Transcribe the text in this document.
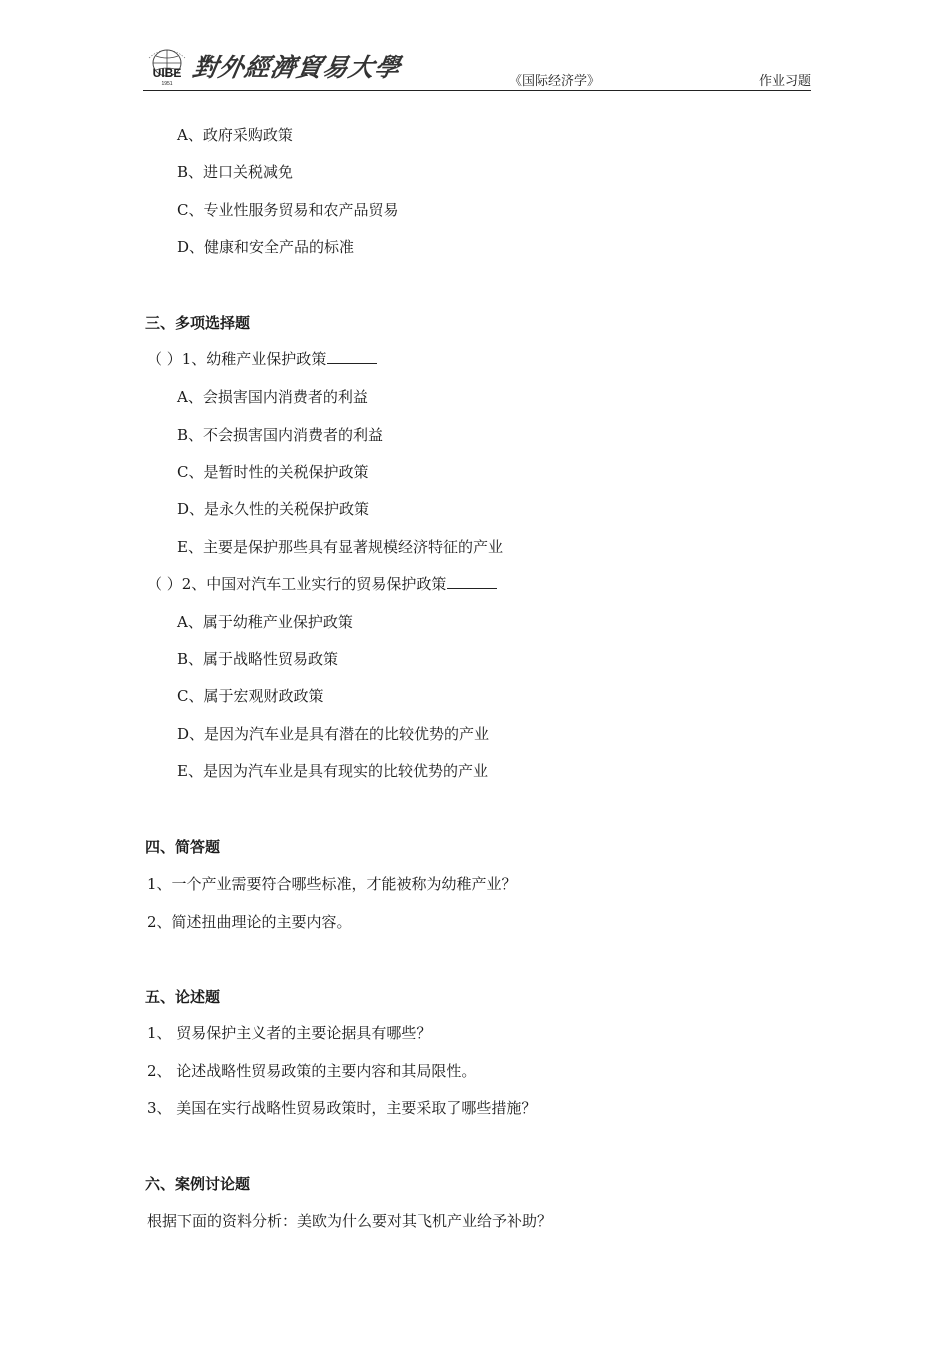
UIBE
1951
對外經濟貿易大學	《国际经济学》	作业习题
A、政府采购政策
B、进口关税减免
C、专业性服务贸易和农产品贸易
D、健康和安全产品的标准
三、多项选择题
（ ）1、幼稚产业保护政策
A、会损害国内消费者的利益
B、不会损害国内消费者的利益
C、是暂时性的关税保护政策
D、是永久性的关税保护政策
E、主要是保护那些具有显著规模经济特征的产业
（ ）2、中国对汽车工业实行的贸易保护政策
A、属于幼稚产业保护政策
B、属于战略性贸易政策
C、属于宏观财政政策
D、是因为汽车业是具有潜在的比较优势的产业
E、是因为汽车业是具有现实的比较优势的产业
四、简答题
1、一个产业需要符合哪些标准，才能被称为幼稚产业？
2、简述扭曲理论的主要内容。
五、论述题
1、 贸易保护主义者的主要论据具有哪些？
2、 论述战略性贸易政策的主要内容和其局限性。
3、 美国在实行战略性贸易政策时，主要采取了哪些措施？
六、案例讨论题
根据下面的资料分析：美欧为什么要对其飞机产业给予补助？
